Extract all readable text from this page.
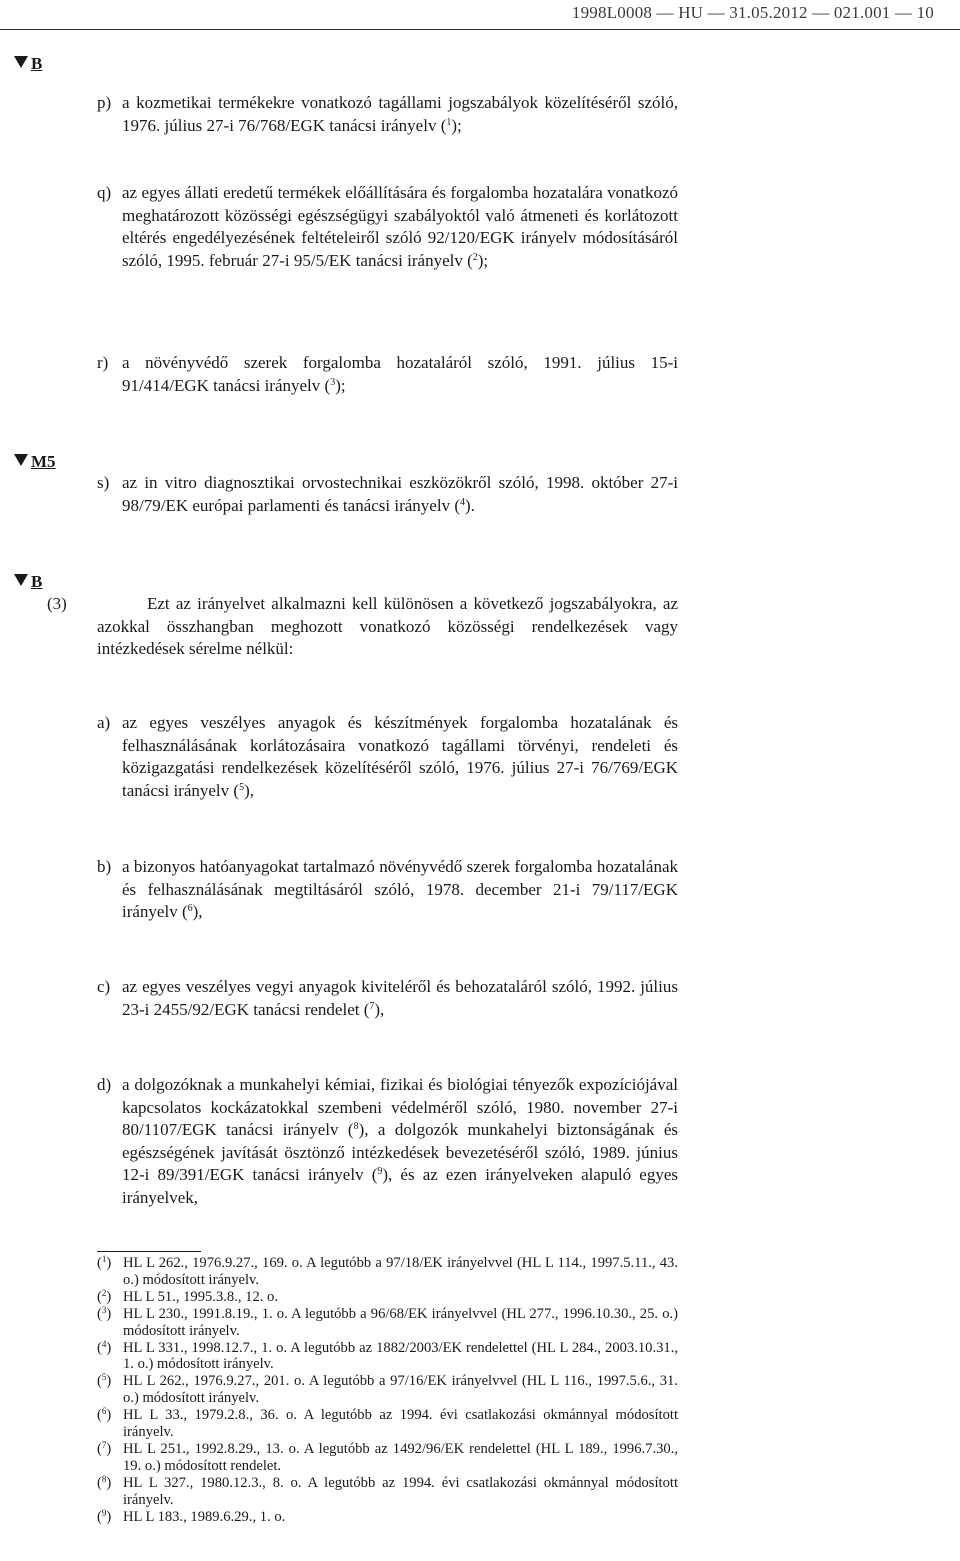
1998L0008 — HU — 31.05.2012 — 021.001 — 10
B

p) a kozmetikai termékekre vonatkozó tagállami jogszabályok közelítéséről szóló, 1976. július 27-i 76/768/EGK tanácsi irányelv ($^1$);

q) az egyes állati eredetű termékek előállítására és forgalomba hozatalára vonatkozó meghatározott közösségi egészségügyi szabályoktól való átmeneti és korlátozott eltérés engedélyezésének feltételeiről szóló 92/120/EGK irányelv módosításáról szóló, 1995. február 27-i 95/5/EK tanácsi irányelv ($^2$);

r) a növényvédő szerek forgalomba hozataláról szóló, 1991. július 15-i 91/414/EGK tanácsi irányelv ($^3$);

M5

s) az in vitro diagnosztikai orvostechnikai eszközökről szóló, 1998. október 27-i 98/79/EK európai parlamenti és tanácsi irányelv ($^4$).

B

(3)	Ezt az irányelvet alkalmazni kell különösen a következő jogszabályokra, az azokkal összhangban meghozott vonatkozó közösségi rendelkezések vagy intézkedések sérelme nélkül:

a) az egyes veszélyes anyagok és készítmények forgalomba hozatalának és felhasználásának korlátozásaira vonatkozó tagállami törvényi, rendeleti és közigazgatási rendelkezések közelítéséről szóló, 1976. július 27-i 76/769/EGK tanácsi irányelv ($^5$),

b) a bizonyos hatóanyagokat tartalmazó növényvédő szerek forgalomba hozatalának és felhasználásának megtiltásáról szóló, 1978. december 21-i 79/117/EGK irányelv ($^6$),

c) az egyes veszélyes vegyi anyagok kiviteléről és behozataláról szóló, 1992. július 23-i 2455/92/EGK tanácsi rendelet ($^7$),

d) a dolgozóknak a munkahelyi kémiai, fizikai és biológiai tényezők expozíciójával kapcsolatos kockázatokkal szembeni védelméről szóló, 1980. november 27-i 80/1107/EGK tanácsi irányelv ($^8$), a dolgozók munkahelyi biztonságának és egészségének javítását ösztönző intézkedések bevezetéséről szóló, 1989. június 12-i 89/391/EGK tanácsi irányelv ($^9$), és az ezen irányelveken alapuló egyes irányelvek,

($^1$) HL L 262., 1976.9.27., 169. o. A legutóbb a 97/18/EK irányelvvel (HL L 114., 1997.5.11., 43. o.) módosított irányelv.
($^2$) HL L 51., 1995.3.8., 12. o.
($^3$) HL L 230., 1991.8.19., 1. o. A legutóbb a 96/68/EK irányelvvel (HL 277., 1996.10.30., 25. o.) módosított irányelv.
($^4$) HL L 331., 1998.12.7., 1. o. A legutóbb az 1882/2003/EK rendelettel (HL L 284., 2003.10.31., 1. o.) módosított irányelv.
($^5$) HL L 262., 1976.9.27., 201. o. A legutóbb a 97/16/EK irányelvvel (HL L 116., 1997.5.6., 31. o.) módosított irányelv.
($^6$) HL L 33., 1979.2.8., 36. o. A legutóbb az 1994. évi csatlakozási okmánnyal módosított irányelv.
($^7$) HL L 251., 1992.8.29., 13. o. A legutóbb az 1492/96/EK rendelettel (HL L 189., 1996.7.30., 19. o.) módosított rendelet.
($^8$) HL L 327., 1980.12.3., 8. o. A legutóbb az 1994. évi csatlakozási okmánnyal módosított irányelv.
($^9$) HL L 183., 1989.6.29., 1. o.
